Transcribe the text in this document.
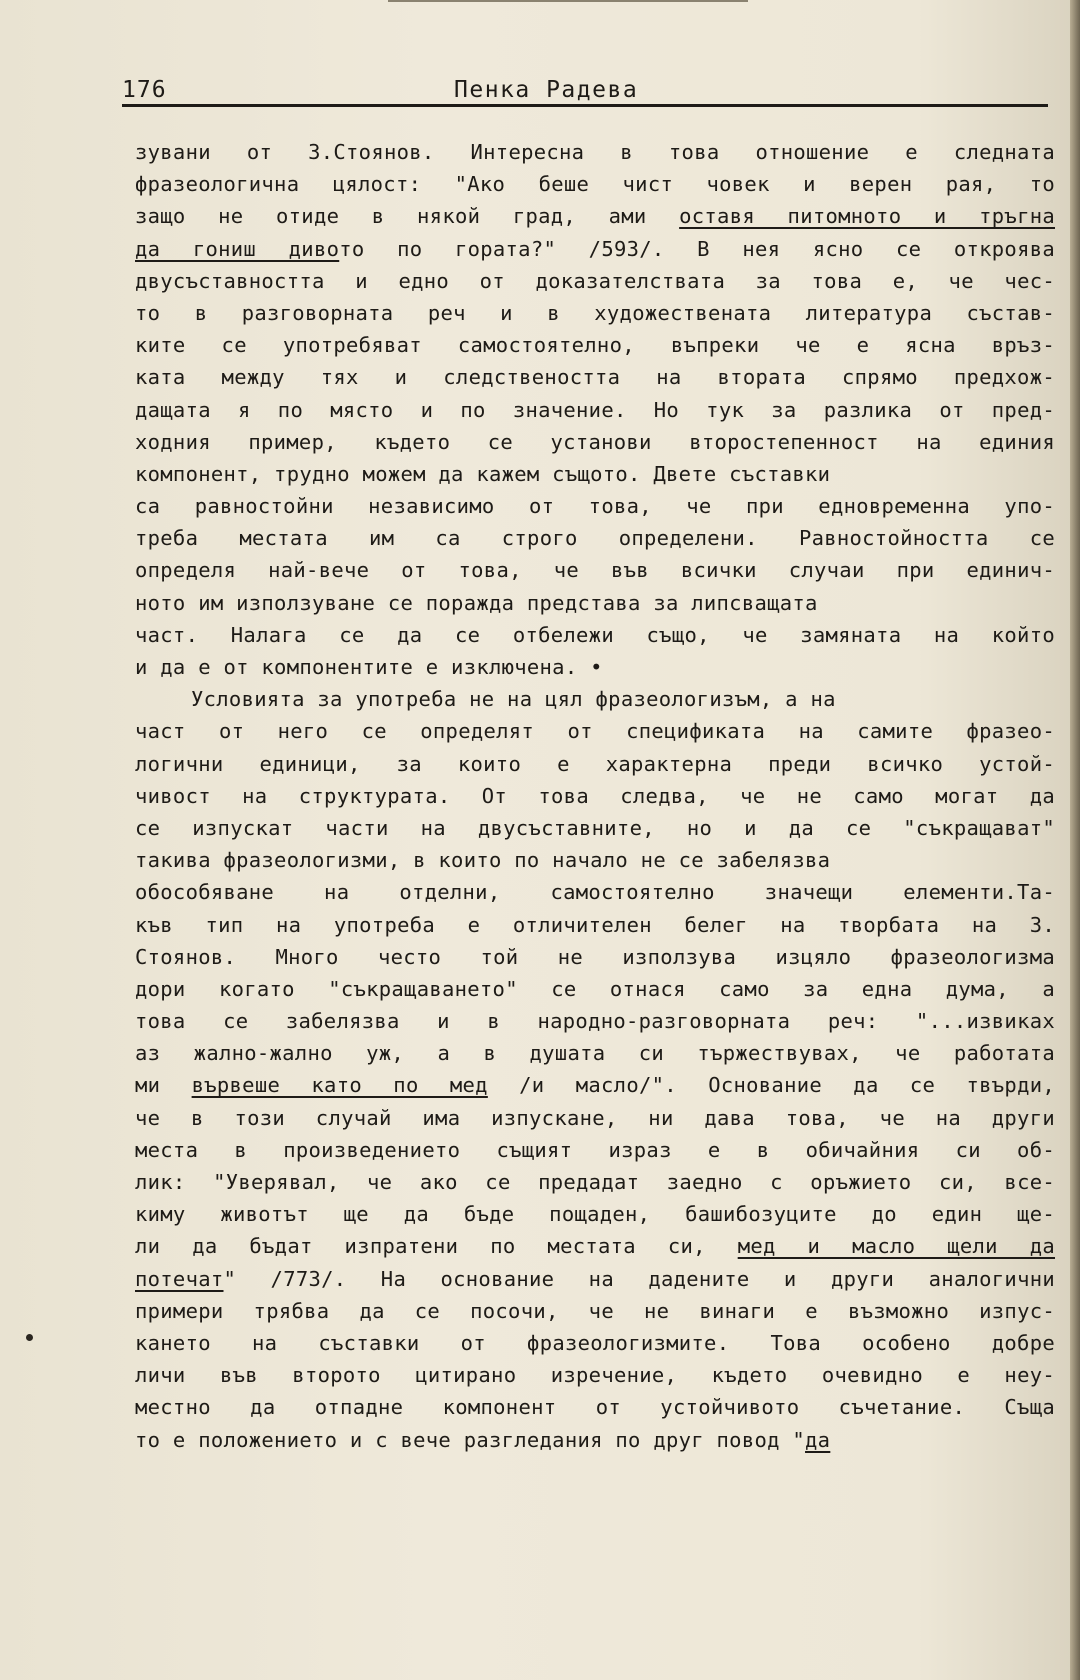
176	Пенка Радева
зувани от З.Стоянов. Интересна в това отношение е следната
фразеологична цялост: "Ако беше чист човек и верен рая, то
защо не отиде в някой град, ами оставя питомното и тръгна
да гониш дивото по гората?" /593/. В нея ясно се откроява
двусъставността и едно от доказателствата за това е, че чес-
то в разговорната реч и в художествената литература състав-
ките се употребяват самостоятелно, въпреки че е ясна връз-
ката между тях и следствеността на втората спрямо предхож-
дащата я по място и по значение. Но тук за разлика от пред-
ходния пример, където се установи второстепенност на единия
компонент, трудно можем да кажем същото. Двете съставки
са равностойни независимо от това, че при едновременна упо-
треба местата им са строго определени. Равностойността се
определя най-вече от това, че във всички случаи при единич-
ното им използуване се поражда представа за липсващата
част. Налага се да се отбележи също, че замяната на който
и да е от компонентите е изключена. •
Условията за употреба не на цял фразеологизъм, а на
част от него се определят от спецификата на самите фразео-
логични единици, за които е характерна преди всичко устой-
чивост на структурата. От това следва, че не само могат да
се изпускат части на двусъставните, но и да се "съкращават"
такива фразеологизми, в които по начало не се забелязва
обособяване на отделни, самостоятелно значещи елементи.Та-
къв тип на употреба е отличителен белег на творбата на З.
Стоянов. Много често той не използува изцяло фразеологизма
дори когато "съкращаването" се отнася само за една дума, а
това се забелязва и в народно-разговорната реч: "...извиках
аз жално-жално уж, а в душата си тържествувах, че работата
ми вървеше като по мед /и масло/". Основание да се твърди,
че в този случай има изпускане, ни дава това, че на други
места в произведението същият израз е в обичайния си об-
лик: "Уверявал, че ако се предадат заедно с оръжието си, все-
киму животът ще да бъде пощаден, башибозуците до един ще-
ли да бъдат изпратени по местата си, мед и масло щели да
потечат" /773/. На основание на дадените и други аналогични
примери трябва да се посочи, че не винаги е възможно изпус-
кането на съставки от фразеологизмите. Това особено добре
личи във второто цитирано изречение, където очевидно е неу-
местно да отпадне компонент от устойчивото съчетание. Съща
то е положението и с вече разгледания по друг повод "да
